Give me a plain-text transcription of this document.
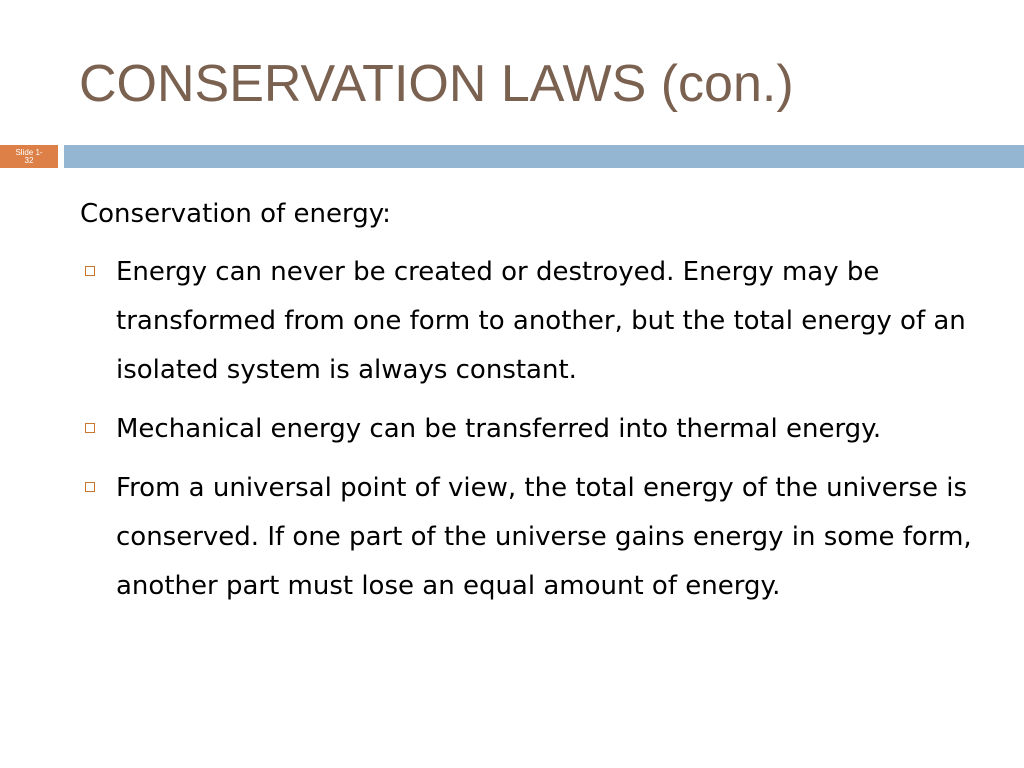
CONSERVATION LAWS (con.)
Slide 1-
32

Conservation of energy:

Energy can never be created or destroyed. Energy may be transformed from one form to another, but the total energy of an isolated system is always constant.
Mechanical energy can be transferred into thermal energy.
From a universal point of view, the total energy of the universe is conserved. If one part of the universe gains energy in some form, another part must lose an equal amount of energy.
